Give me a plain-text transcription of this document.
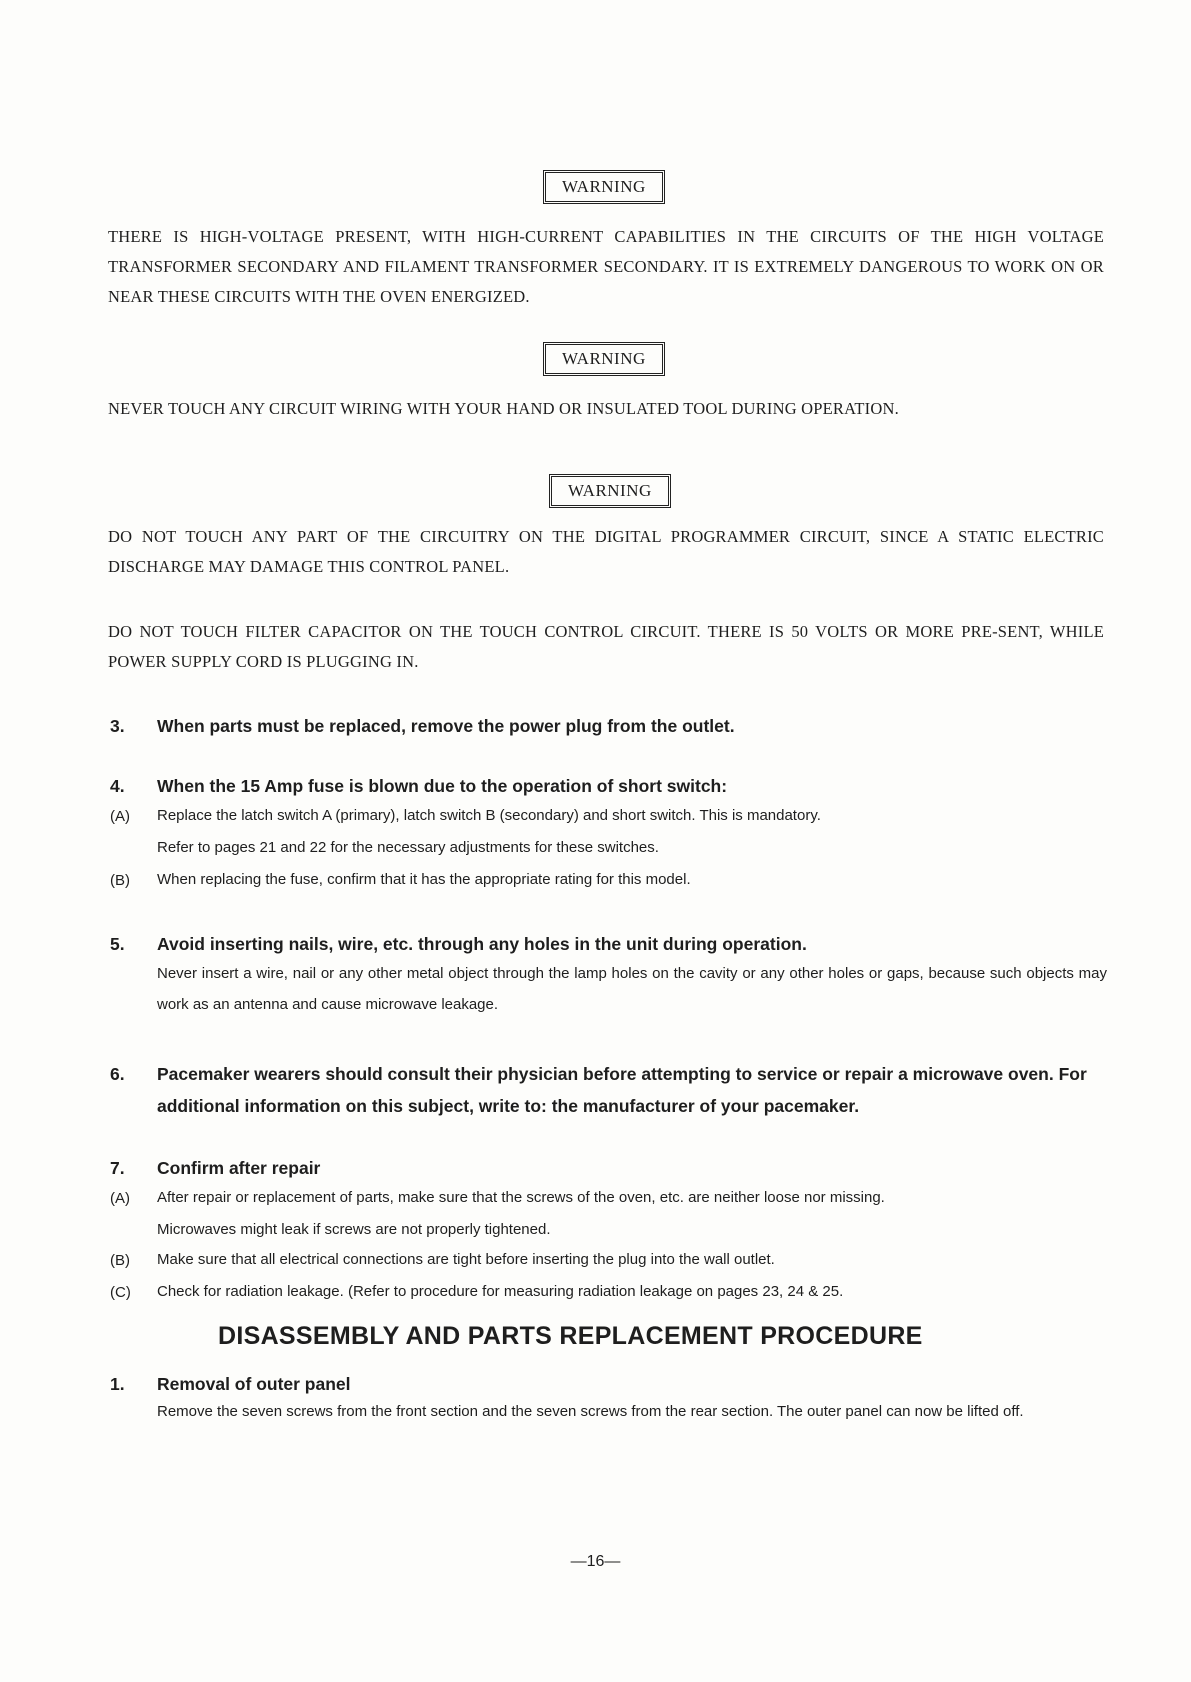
WARNING
THERE IS HIGH-VOLTAGE PRESENT, WITH HIGH-CURRENT CAPABILITIES IN THE CIRCUITS OF THE HIGH VOLTAGE TRANSFORMER SECONDARY AND FILAMENT TRANSFORMER SECONDARY. IT IS EXTREMELY DANGEROUS TO WORK ON OR NEAR THESE CIRCUITS WITH THE OVEN ENERGIZED.
WARNING
NEVER TOUCH ANY CIRCUIT WIRING WITH YOUR HAND OR INSULATED TOOL DURING OPERATION.
WARNING
DO NOT TOUCH ANY PART OF THE CIRCUITRY ON THE DIGITAL PROGRAMMER CIRCUIT, SINCE A STATIC ELECTRIC DISCHARGE MAY DAMAGE THIS CONTROL PANEL.
DO NOT TOUCH FILTER CAPACITOR ON THE TOUCH CONTROL CIRCUIT. THERE IS 50 VOLTS OR MORE PRE-SENT, WHILE POWER SUPPLY CORD IS PLUGGING IN.
3. When parts must be replaced, remove the power plug from the outlet.
4. When the 15 Amp fuse is blown due to the operation of short switch:
(A) Replace the latch switch A (primary), latch switch B (secondary) and short switch. This is mandatory.
Refer to pages 21 and 22 for the necessary adjustments for these switches.
(B) When replacing the fuse, confirm that it has the appropriate rating for this model.
5. Avoid inserting nails, wire, etc. through any holes in the unit during operation.
Never insert a wire, nail or any other metal object through the lamp holes on the cavity or any other holes or gaps, because such objects may work as an antenna and cause microwave leakage.
6. Pacemaker wearers should consult their physician before attempting to service or repair a microwave oven. For additional information on this subject, write to: the manufacturer of your pacemaker.
7. Confirm after repair
(A) After repair or replacement of parts, make sure that the screws of the oven, etc. are neither loose nor missing.
Microwaves might leak if screws are not properly tightened.
(B) Make sure that all electrical connections are tight before inserting the plug into the wall outlet.
(C) Check for radiation leakage. (Refer to procedure for measuring radiation leakage on pages 23, 24 & 25.
DISASSEMBLY AND PARTS REPLACEMENT PROCEDURE
1. Removal of outer panel
Remove the seven screws from the front section and the seven screws from the rear section. The outer panel can now be lifted off.
—16—
